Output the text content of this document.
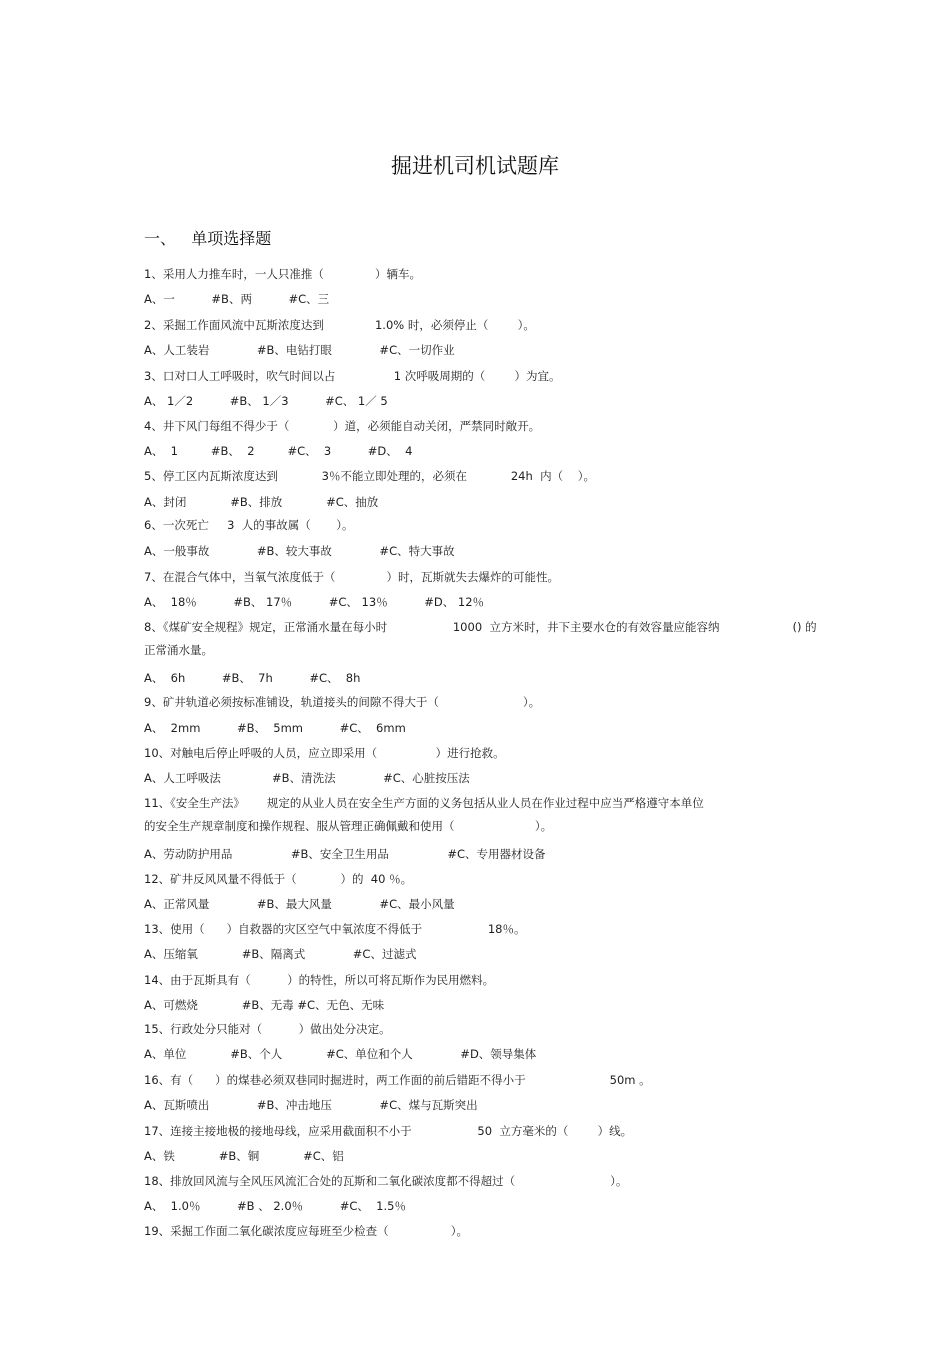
掘进机司机试题库
一、   单项选择题
1、采用人力推车时，一人只准推（              ）辆车。
A、一          #B、两          #C、三
2、采掘工作面风流中瓦斯浓度达到              1.0% 时，必须停止（        ）。
A、人工装岩             #B、电钻打眼             #C、一切作业
3、口对口人工呼吸时，吹气时间以占                1 次呼吸周期的（        ）为宜。
A、 1／2          #B、 1／3          #C、 1／ 5
4、井下风门每组不得少于（            ）道，必须能自动关闭，严禁同时敞开。
A、  1         #B、  2         #C、  3          #D、  4
5、停工区内瓦斯浓度达到            3％不能立即处理的，必须在            24h  内（    ）。
A、封闭            #B、排放            #C、抽放
6、一次死亡     3  人的事故属（       ）。
A、一般事故             #B、较大事故             #C、特大事故
7、在混合气体中，当氧气浓度低于（              ）时，瓦斯就失去爆炸的可能性。
A、  18％          #B、 17％          #C、 13％          #D、 12％
8、《煤矿安全规程》规定，正常涌水量在每小时                  1000  立方米时，井下主要水仓的有效容量应能容纳                    () 的
正常涌水量。
A、  6h          #B、  7h          #C、  8h
9、矿井轨道必须按标准铺设，轨道接头的间隙不得大于（                       ）。
A、  2mm          #B、  5mm          #C、  6mm
10、对触电后停止呼吸的人员，应立即采用（                ）进行抢救。
A、人工呼吸法              #B、清洗法             #C、心脏按压法
11、《安全生产法》      规定的从业人员在安全生产方面的义务包括从业人员在作业过程中应当严格遵守本单位
的安全生产规章制度和操作规程、服从管理正确佩戴和使用（                      ）。
A、劳动防护用品                #B、安全卫生用品                #C、专用器材设备
12、矿井反风风量不得低于（            ）的  40 ％。
A、正常风量             #B、最大风量             #C、最小风量
13、使用（      ）自救器的灾区空气中氧浓度不得低于                  18％。
A、压缩氧            #B、隔离式             #C、过滤式
14、由于瓦斯具有（          ）的特性，所以可将瓦斯作为民用燃料。
A、可燃烧            #B、无毒 #C、无色、无味
15、行政处分只能对（          ）做出处分决定。
A、单位            #B、个人            #C、单位和个人             #D、领导集体
16、有（      ）的煤巷必须双巷同时掘进时，两工作面的前后错距不得小于                       50m 。
A、瓦斯喷出             #B、冲击地压             #C、煤与瓦斯突出
17、连接主接地极的接地母线，应采用截面积不小于                  50  立方毫米的（        ）线。
A、铁            #B、铜            #C、铝
18、排放回风流与全风压风流汇合处的瓦斯和二氧化碳浓度都不得超过（                          ）。
A、  1.0％          #B 、 2.0％          #C、  1.5％
19、采掘工作面二氧化碳浓度应每班至少检查（                 ）。
